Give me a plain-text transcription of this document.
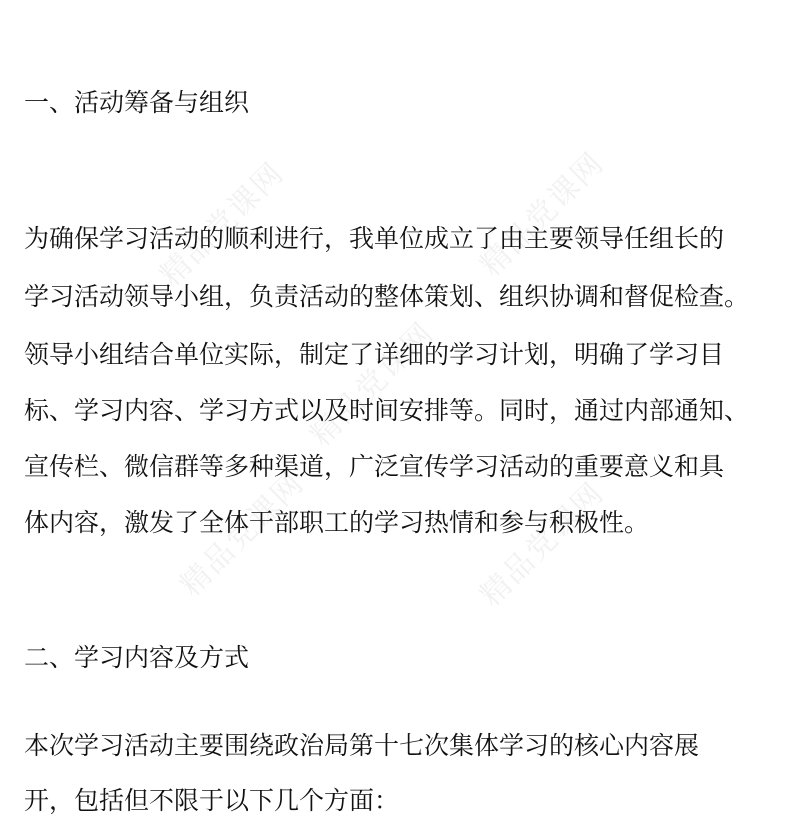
精品党课网	精品党课网
精品党课网
精品党课网	精品党课网
一、活动筹备与组织

为确保学习活动的顺利进行，我单位成立了由主要领导任组长的

学习活动领导小组，负责活动的整体策划、组织协调和督促检查。

领导小组结合单位实际，制定了详细的学习计划，明确了学习目

标、学习内容、学习方式以及时间安排等。同时，通过内部通知、

宣传栏、微信群等多种渠道，广泛宣传学习活动的重要意义和具

体内容，激发了全体干部职工的学习热情和参与积极性。

二、学习内容及方式

本次学习活动主要围绕政治局第十七次集体学习的核心内容展

开，包括但不限于以下几个方面：
